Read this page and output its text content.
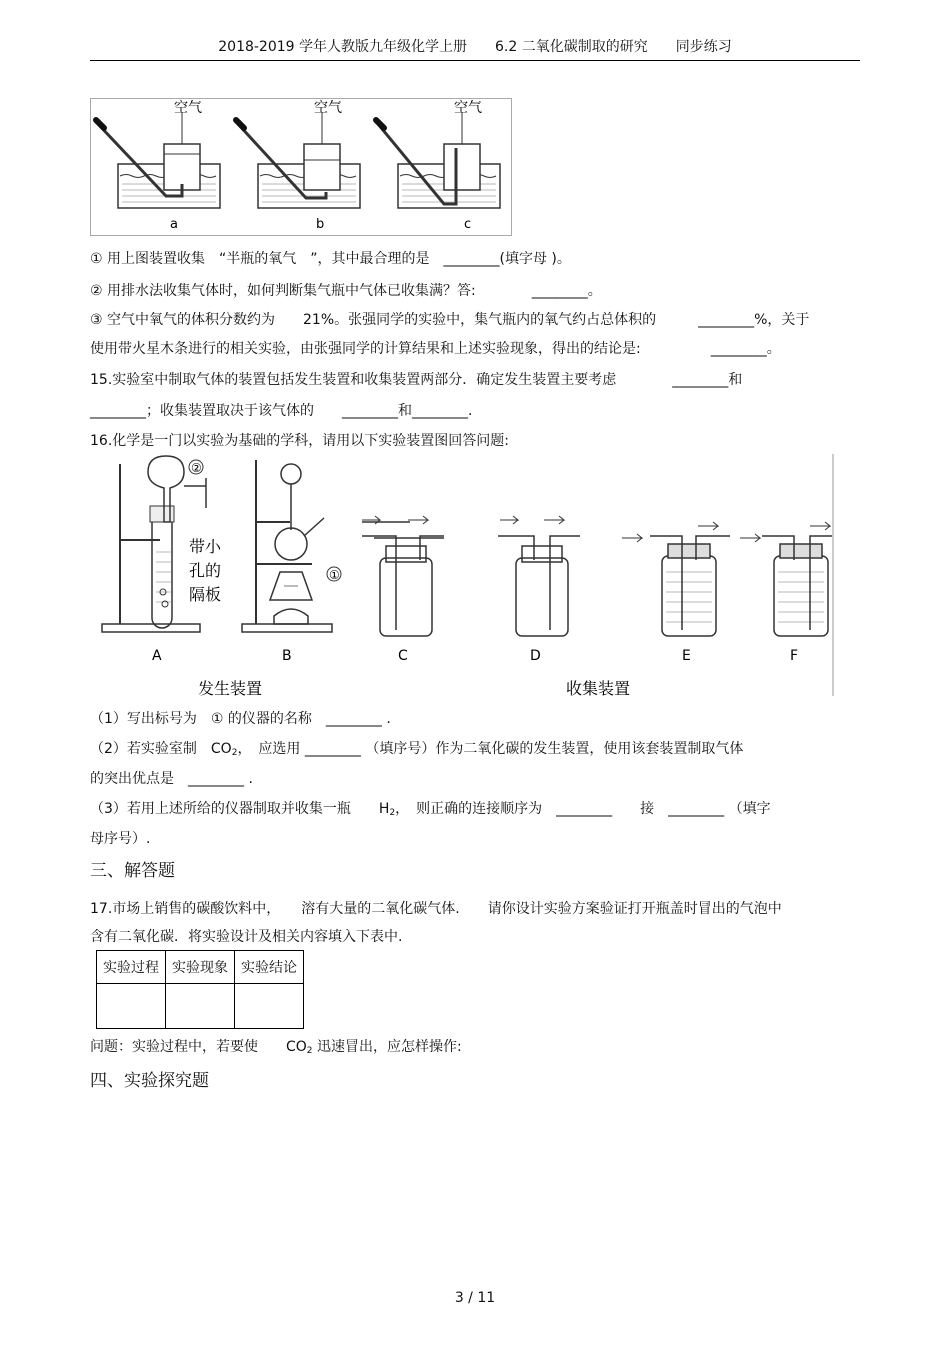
2018-2019 学年人教版九年级化学上册　　6.2 二氧化碳制取的研究　　同步练习
空气	空气	空气
a	b	c
① 用上图装置收集　“半瓶的氧气　”，其中最合理的是　________(填字母 )。
② 用排水法收集气体时，如何判断集气瓶中气体已收集满？答:　　　　________。
③ 空气中氧气的体积分数约为　　21%。张强同学的实验中，集气瓶内的氧气约占总体积的　　　________%，关于
使用带火星木条进行的相关实验，由张强同学的计算结果和上述实验现象，得出的结论是:　　　　　________。
15.实验室中制取气体的装置包括发生装置和收集装置两部分．确定发生装置主要考虑　　　　________和
________；收集装置取决于该气体的　　________和________.
16.化学是一门以实验为基础的学科，请用以下实验装置图回答问题:
②
带小
孔的
隔板
①
A	B	C	D	E	F
发生装置	收集装置
（1）写出标号为　① 的仪器的名称　________ .
（2）若实验室制　$CO_2$，　应选用 ________ （填序号）作为二氧化碳的发生装置，使用该套装置制取气体
的突出优点是　________ .
（3）若用上述所给的仪器制取并收集一瓶　　$H_2$，　则正确的连接顺序为　________　　接　________ （填字
母序号）.
三、解答题
17.市场上销售的碳酸饮料中，　　溶有大量的二氧化碳气体.　　请你设计实验方案验证打开瓶盖时冒出的气泡中
含有二氧化碳．将实验设计及相关内容填入下表中.
实验过程	实验现象	实验结论

问题：实验过程中，若要使　　$CO_2$ 迅速冒出，应怎样操作:
四、实验探究题
3 / 11
